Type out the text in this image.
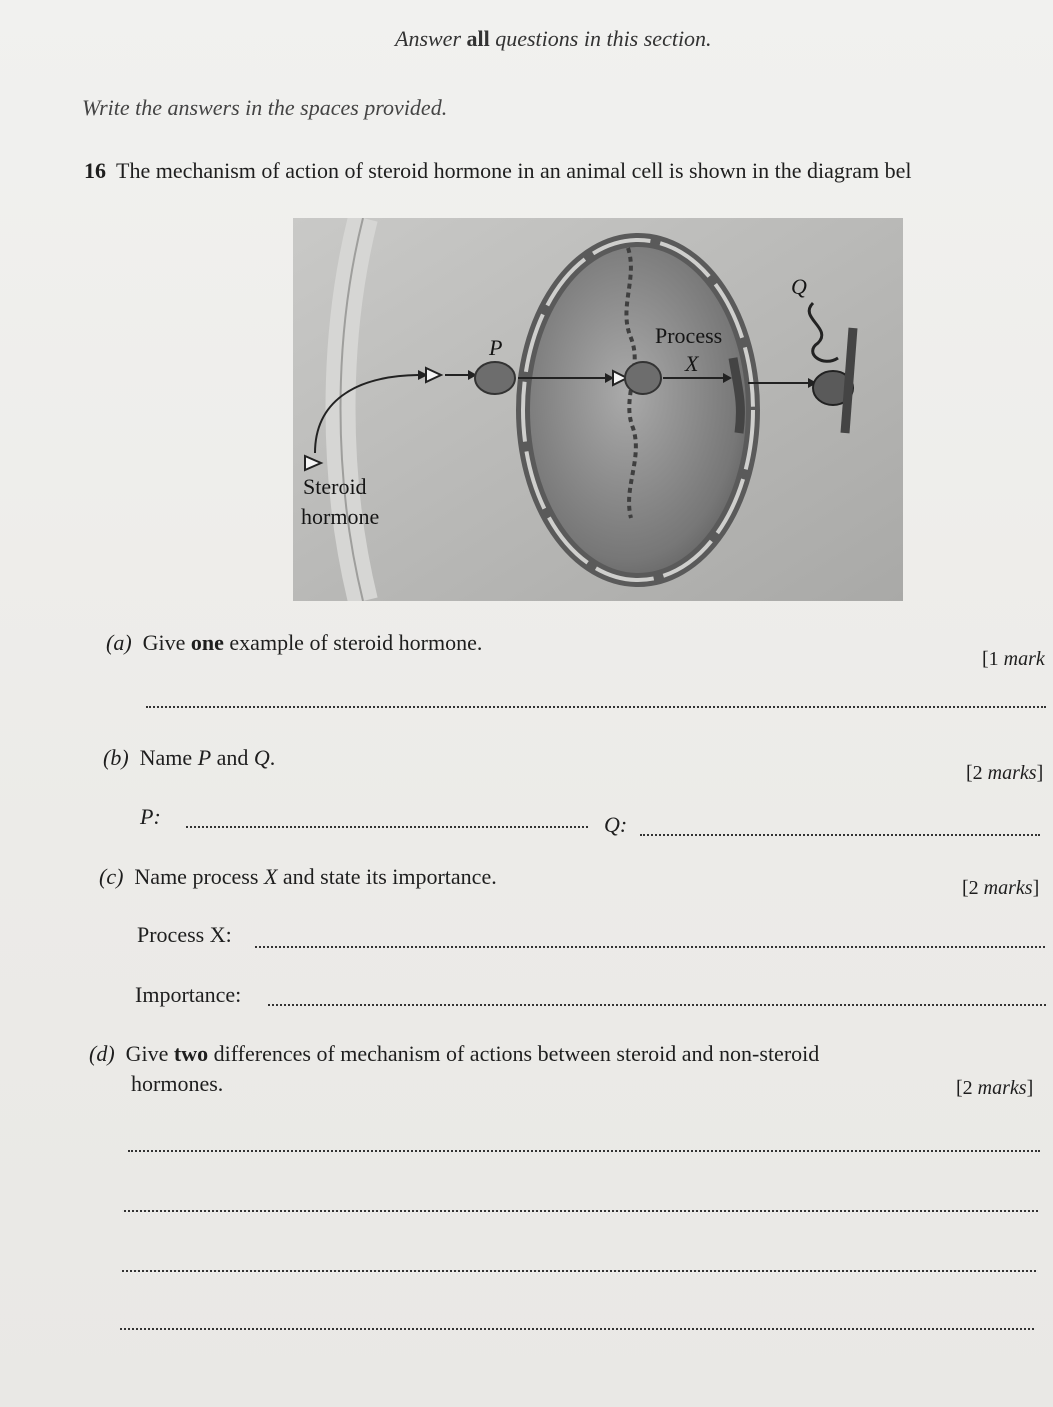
Answer all questions in this section.
Write the answers in the spaces provided.
16 The mechanism of action of steroid hormone in an animal cell is shown in the diagram bel
Q
P	Process
X
Steroid
hormone
(a) Give one example of steroid hormone.
[1 mark
(b) Name P and Q.
[2 marks]
P:	Q:
(c) Name process X and state its importance.	[2 marks]
Process X:
Importance:
(d) Give two differences of mechanism of actions between steroid and non-steroid
hormones.	[2 marks]
